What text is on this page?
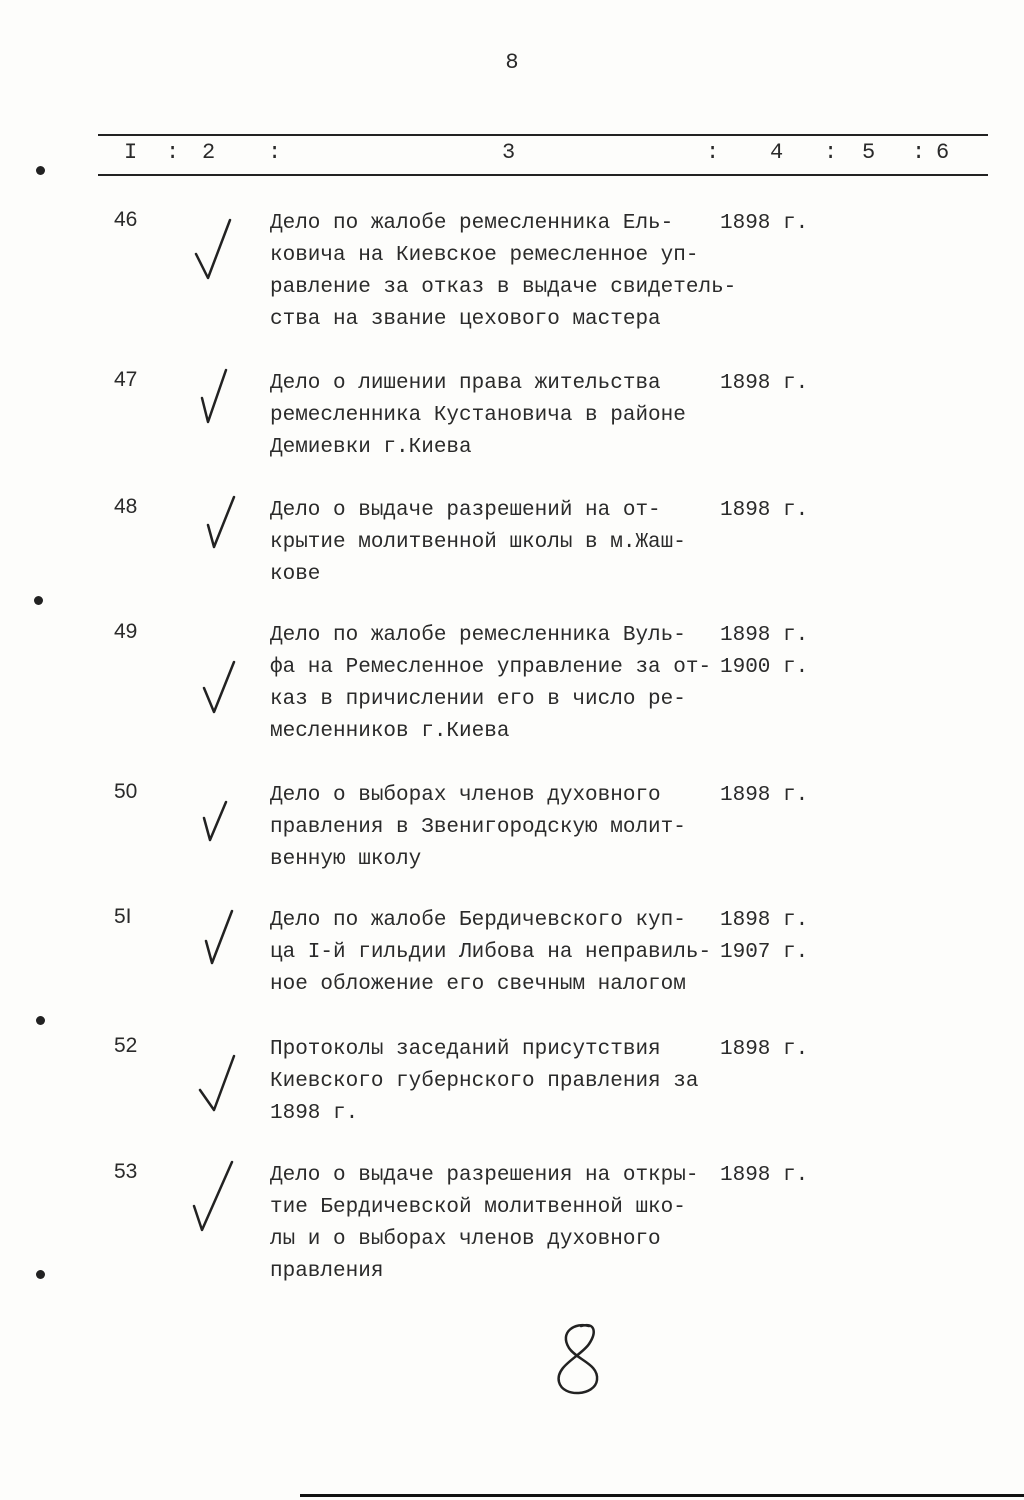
8
I : 2 :	3	: 4 : 5 : 6
46	Дело по жалобе ремесленника Ель-
ковича на Киевское ремесленное уп-
равление за отказ в выдаче свидетель-
ства на звание цехового мастера
1898 г.
47	Дело о лишении права жительства
ремесленника Кустановича в районе
Демиевки г.Киева
1898 г.
48	Дело о выдаче разрешений на от-
крытие молитвенной школы в м.Жаш-
кове
1898 г.
49	Дело по жалобе ремесленника Вуль-
фа на Ремесленное управление за от-
каз в причислении его в число ре-
месленников г.Киева
1898 г.
1900 г.
50	Дело о выборах членов духовного
правления в Звенигородскую молит-
венную школу
1898 г.
5I	Дело по жалобе Бердичевского куп-
ца I-й гильдии Либова на неправиль-
ное обложение его свечным налогом
1898 г.
1907 г.
52	Протоколы заседаний присутствия
Киевского губернского правления за
1898 г.
1898 г.
53	Дело о выдаче разрешения на откры-
тие Бердичевской молитвенной шко-
лы и о выборах членов духовного
правления
1898 г.
